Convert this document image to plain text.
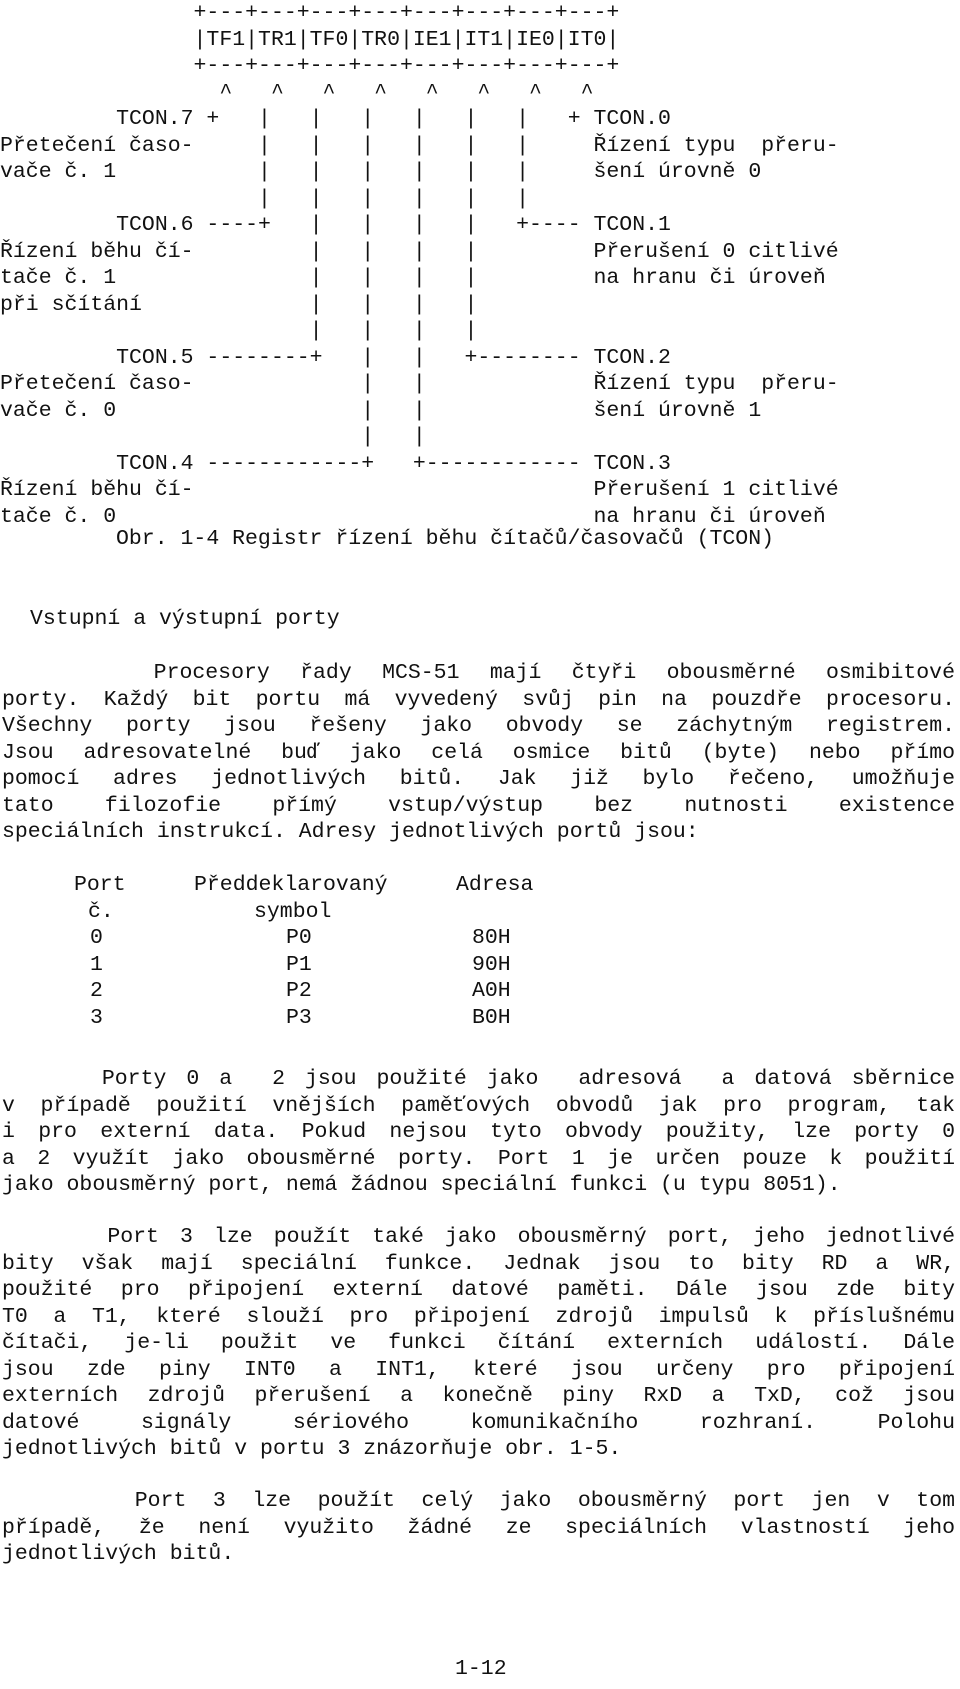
+---+---+---+---+---+---+---+---+
|TF1|TR1|TF0|TR0|IE1|IT1|IE0|IT0|
+---+---+---+---+---+---+---+---+
^   ^   ^   ^   ^   ^   ^   ^
TCON.7 +   |   |   |   |   |   |   + TCON.0
Přetečení časo-     |   |   |   |   |   |     Řízení typu  přeru-
vače č. 1           |   |   |   |   |   |     šení úrovně 0
|   |   |   |   |   |
TCON.6 ----+   |   |   |   |   +---- TCON.1
Řízení běhu čí-         |   |   |   |         Přerušení 0 citlivé
tače č. 1               |   |   |   |         na hranu či úroveň
při sčítání             |   |   |   |
|   |   |   |
TCON.5 --------+   |   |   +-------- TCON.2
Přetečení časo-             |   |             Řízení typu  přeru-
vače č. 0                   |   |             šení úrovně 1
|   |
TCON.4 ------------+   +------------ TCON.3
Řízení běhu čí-                               Přerušení 1 citlivé
tače č. 0                                     na hranu či úroveň
Obr. 1-4 Registr řízení běhu čítačů/časovačů (TCON)
Vstupní a výstupní porty
Procesory řady MCS-51 mají čtyři obousměrné osmibitové
porty. Každý bit portu má vyvedený svůj pin na pouzdře procesoru.
Všechny porty jsou řešeny jako obvody se záchytným registrem.
Jsou adresovatelné buď jako celá osmice bitů (byte) nebo přímo
pomocí adres jednotlivých bitů. Jak již bylo řečeno, umožňuje
tato filozofie přímý vstup/výstup bez nutnosti existence
speciálních instrukcí. Adresy jednotlivých portů jsou:
Port	Předdeklarovaný	Adresa
č.	symbol	
0	P0	80H
1	P1	90H
2	P2	A0H
3	P3	B0H
Porty 0 a  2 jsou použité jako  adresová  a datová sběrnice
v případě použití vnějších paměťových obvodů jak pro program, tak
i pro externí data. Pokud nejsou tyto obvody použity, lze porty 0
a 2 využít jako obousměrné porty. Port 1 je určen pouze k použití
jako obousměrný port, nemá žádnou speciální funkci (u typu 8051).
Port 3 lze použít také jako obousměrný port, jeho jednotlivé
bity však mají speciální funkce. Jednak jsou to bity RD a WR,
použité pro připojení externí datové paměti. Dále jsou zde bity
T0 a T1, které slouží pro připojení zdrojů impulsů k příslušnému
čítači, je-li použit ve funkci čítání externích událostí. Dále
jsou zde piny INT0 a INT1, které jsou určeny pro připojení
externích zdrojů přerušení a konečně piny RxD a TxD, což jsou
datové signály sériového komunikačního rozhraní. Polohu
jednotlivých bitů v portu 3 znázorňuje obr. 1-5.
Port 3 lze použít celý jako obousměrný port jen v tom
případě, že není využito žádné ze speciálních vlastností jeho
jednotlivých bitů.
1-12
